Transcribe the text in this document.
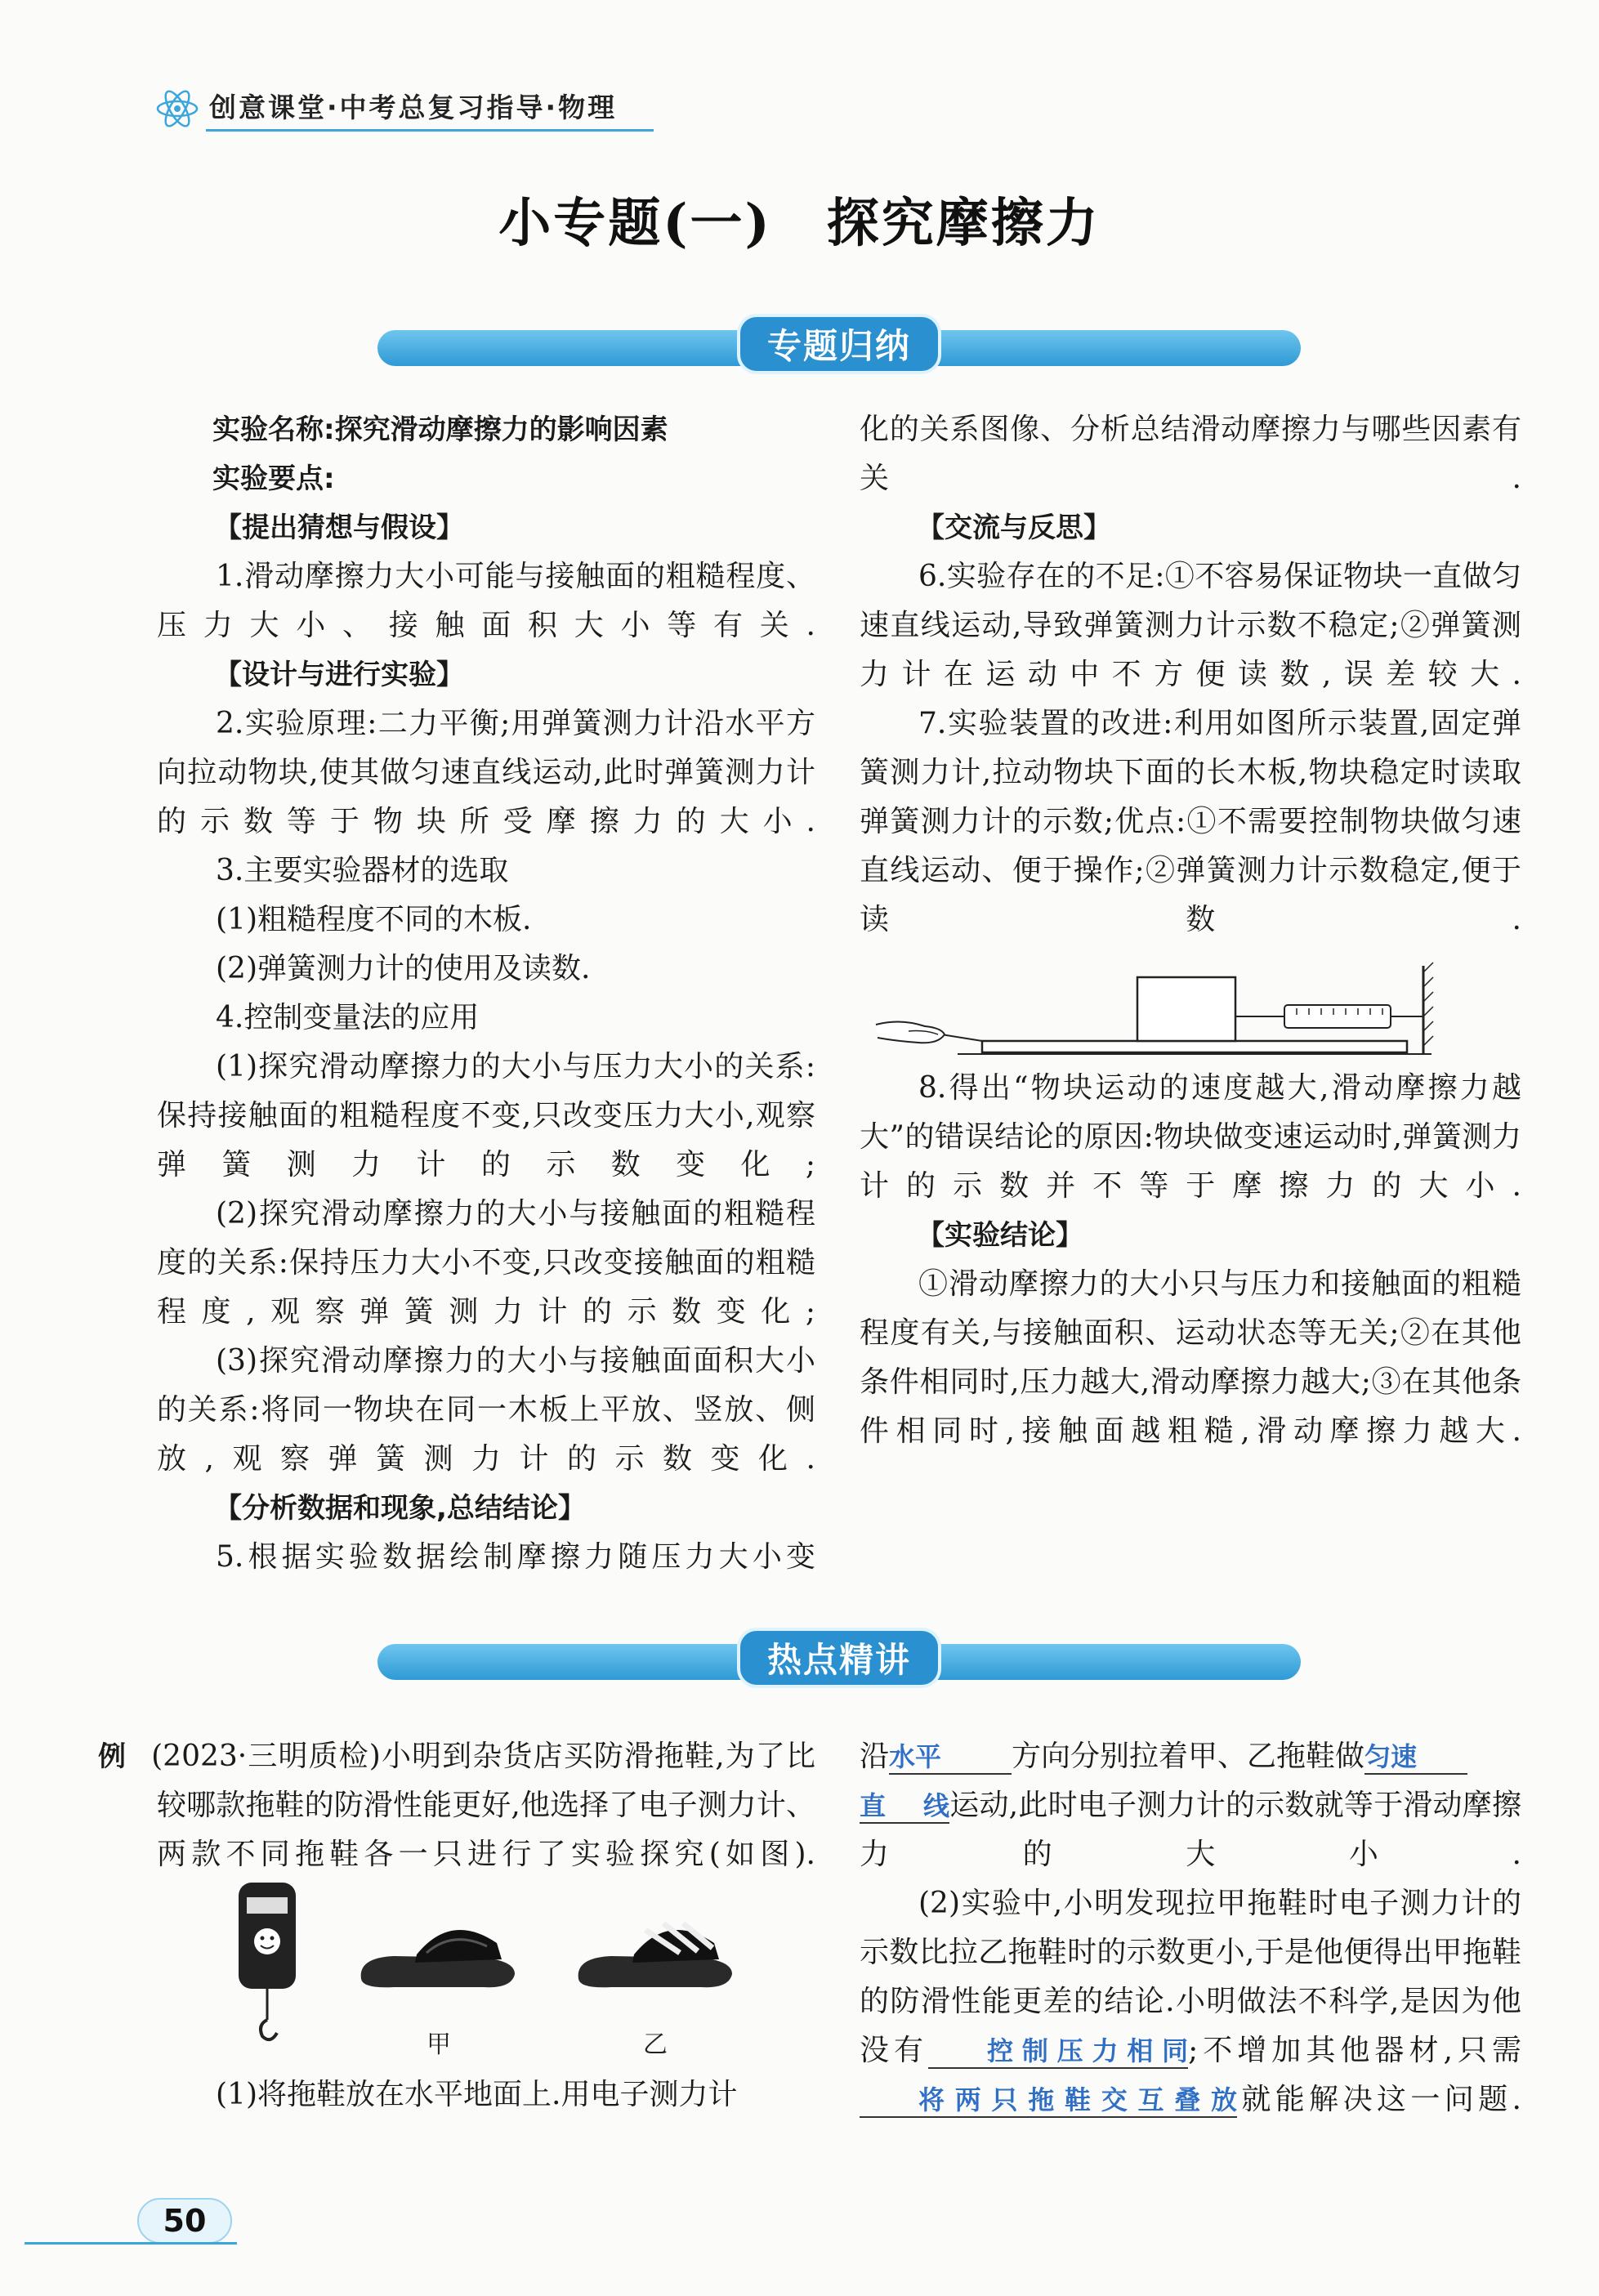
创意课堂·中考总复习指导·物理
小专题(一)　探究摩擦力
专题归纳
实验名称:探究滑动摩擦力的影响因素
实验要点:
【提出猜想与假设】
1.滑动摩擦力大小可能与接触面的粗糙程度、压力大小、接触面积大小等有关.
【设计与进行实验】
2.实验原理:二力平衡;用弹簧测力计沿水平方向拉动物块,使其做匀速直线运动,此时弹簧测力计的示数等于物块所受摩擦力的大小.
3.主要实验器材的选取
(1)粗糙程度不同的木板.
(2)弹簧测力计的使用及读数.
4.控制变量法的应用
(1)探究滑动摩擦力的大小与压力大小的关系:保持接触面的粗糙程度不变,只改变压力大小,观察弹簧测力计的示数变化;
(2)探究滑动摩擦力的大小与接触面的粗糙程度的关系:保持压力大小不变,只改变接触面的粗糙程度,观察弹簧测力计的示数变化;
(3)探究滑动摩擦力的大小与接触面面积大小的关系:将同一物块在同一木板上平放、竖放、侧放,观察弹簧测力计的示数变化.
【分析数据和现象,总结结论】
5.根据实验数据绘制摩擦力随压力大小变
化的关系图像、分析总结滑动摩擦力与哪些因素有关.
【交流与反思】
6.实验存在的不足:①不容易保证物块一直做匀速直线运动,导致弹簧测力计示数不稳定;②弹簧测力计在运动中不方便读数,误差较大.
7.实验装置的改进:利用如图所示装置,固定弹簧测力计,拉动物块下面的长木板,物块稳定时读取弹簧测力计的示数;优点:①不需要控制物块做匀速直线运动、便于操作;②弹簧测力计示数稳定,便于读数.
8.得出“物块运动的速度越大,滑动摩擦力越大”的错误结论的原因:物块做变速运动时,弹簧测力计的示数并不等于摩擦力的大小.
【实验结论】
①滑动摩擦力的大小只与压力和接触面的粗糙程度有关,与接触面积、运动状态等无关;②在其他条件相同时,压力越大,滑动摩擦力越大;③在其他条件相同时,接触面越粗糙,滑动摩擦力越大.
热点精讲
例 (2023·三明质检)小明到杂货店买防滑拖鞋,为了比较哪款拖鞋的防滑性能更好,他选择了电子测力计、两款不同拖鞋各一只进行了实验探究(如图).
甲	乙
(1)将拖鞋放在水平地面上.用电子测力计
沿水平 方向分别拉着甲、乙拖鞋做匀速
直线运动,此时电子测力计的示数就等于滑动摩擦力的大小.
(2)实验中,小明发现拉甲拖鞋时电子测力计的示数比拉乙拖鞋时的示数更小,于是他便得出甲拖鞋的防滑性能更差的结论.小明做法不科学,是因为他没有 控制压力相同;不增加其他器材,只需将两只拖鞋交互叠放就能解决这一问题.
50
